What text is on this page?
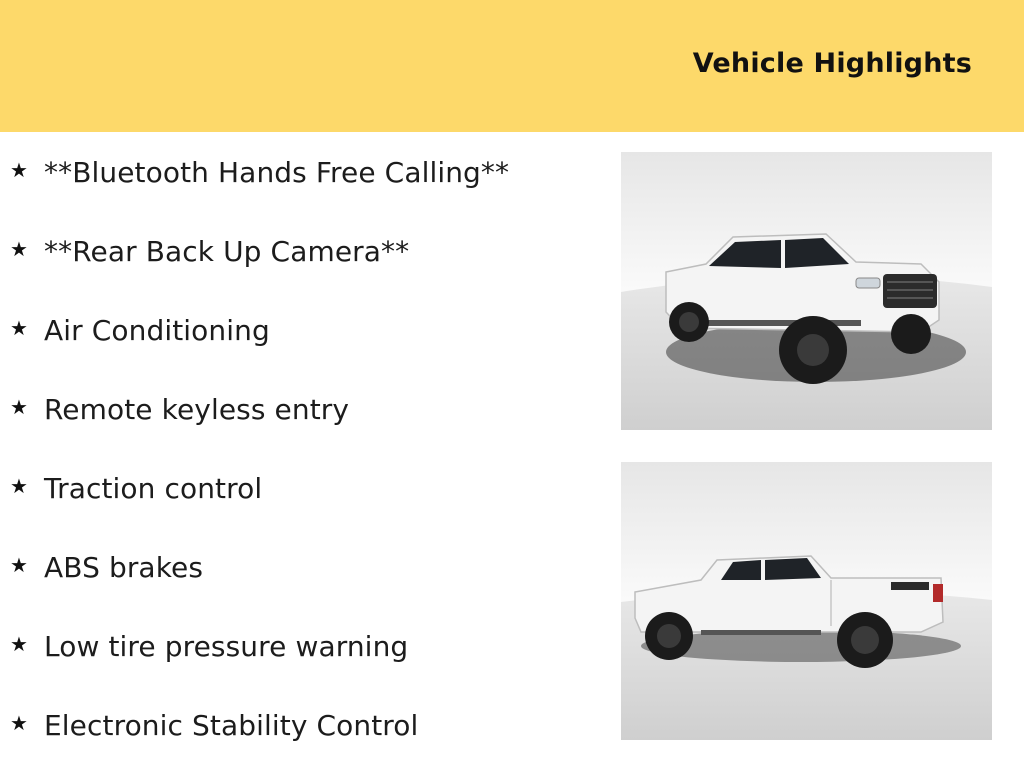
Vehicle Highlights
★ **Bluetooth Hands Free Calling**
★ **Rear Back Up Camera**
★ Air Conditioning
★ Remote keyless entry
★ Traction control
★ ABS brakes
★ Low tire pressure warning
★ Electronic Stability Control
